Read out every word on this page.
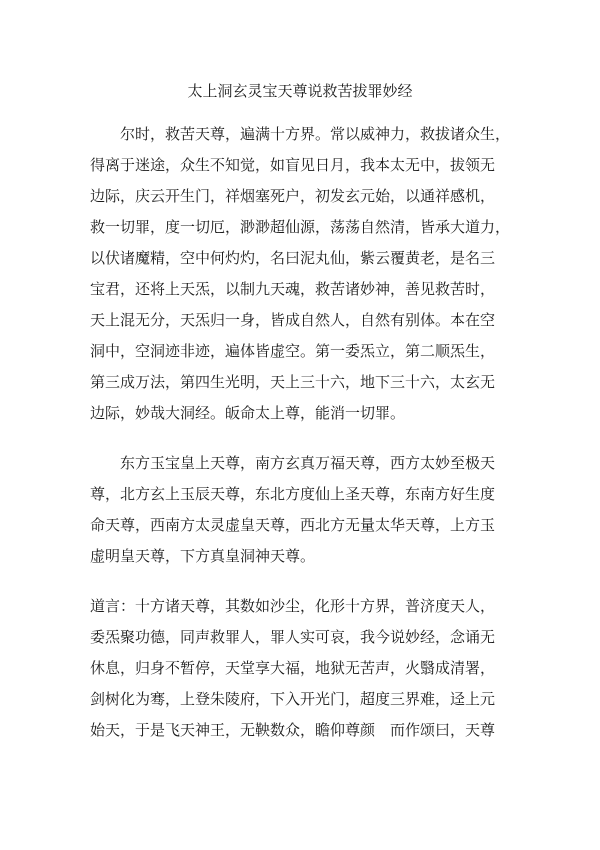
太上洞玄灵宝天尊说救苦拔罪妙经
　　尔时，救苦天尊，遍满十方界。常以威神力，救拔诸众生，
得离于迷途，众生不知觉，如盲见日月，我本太无中，拔领无
边际，庆云开生门，祥烟塞死户，初发玄元始，以通祥感机，
救一切罪，度一切厄，渺渺超仙源，荡荡自然清，皆承大道力，
以伏诸魔精，空中何灼灼，名曰泥丸仙，紫云覆黄老，是名三
宝君，还将上天炁，以制九天魂，救苦诸妙神，善见救苦时，
天上混无分，天炁归一身，皆成自然人，自然有别体。本在空
洞中，空洞迹非迹，遍体皆虚空。第一委炁立，第二顺炁生，
第三成万法，第四生光明，天上三十六，地下三十六，太玄无
边际，妙哉大洞经。皈命太上尊，能消一切罪。
　　东方玉宝皇上天尊，南方玄真万福天尊，西方太妙至极天
尊，北方玄上玉辰天尊，东北方度仙上圣天尊，东南方好生度
命天尊，西南方太灵虚皇天尊，西北方无量太华天尊，上方玉
虚明皇天尊，下方真皇洞神天尊。
道言：十方诸天尊，其数如沙尘，化形十方界，普济度天人，
委炁聚功德，同声救罪人，罪人实可哀，我今说妙经，念诵无
休息，归身不暂停，天堂享大福，地狱无苦声，火翳成清署，
剑树化为骞，上登朱陵府，下入开光门，超度三界难，迳上元
始天，于是飞天神王，无鞅数众，瞻仰尊颜　而作颂曰，天尊
